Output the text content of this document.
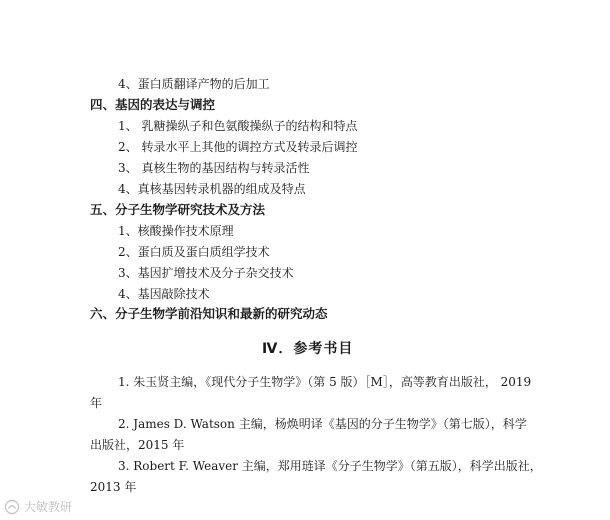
4、蛋白质翻译产物的后加工
四、基因的表达与调控
1、 乳糖操纵子和色氨酸操纵子的结构和特点
2、 转录水平上其他的调控方式及转录后调控
3、 真核生物的基因结构与转录活性
4、真核基因转录机器的组成及特点
五、分子生物学研究技术及方法
1、核酸操作技术原理
2、蛋白质及蛋白质组学技术
3、基因扩增技术及分子杂交技术
4、基因敲除技术
六、分子生物学前沿知识和最新的研究动态
Ⅳ．参考书目
1. 朱玉贤主编，《现代分子生物学》（第 5 版）［M］，高等教育出版社， 2019
年
2. James D. Watson 主编，杨焕明译《基因的分子生物学》（第七版），科学
出版社，2015 年
3. Robert F. Weaver 主编，郑用琏译《分子生物学》（第五版），科学出版社，
2013 年
大敏教研
